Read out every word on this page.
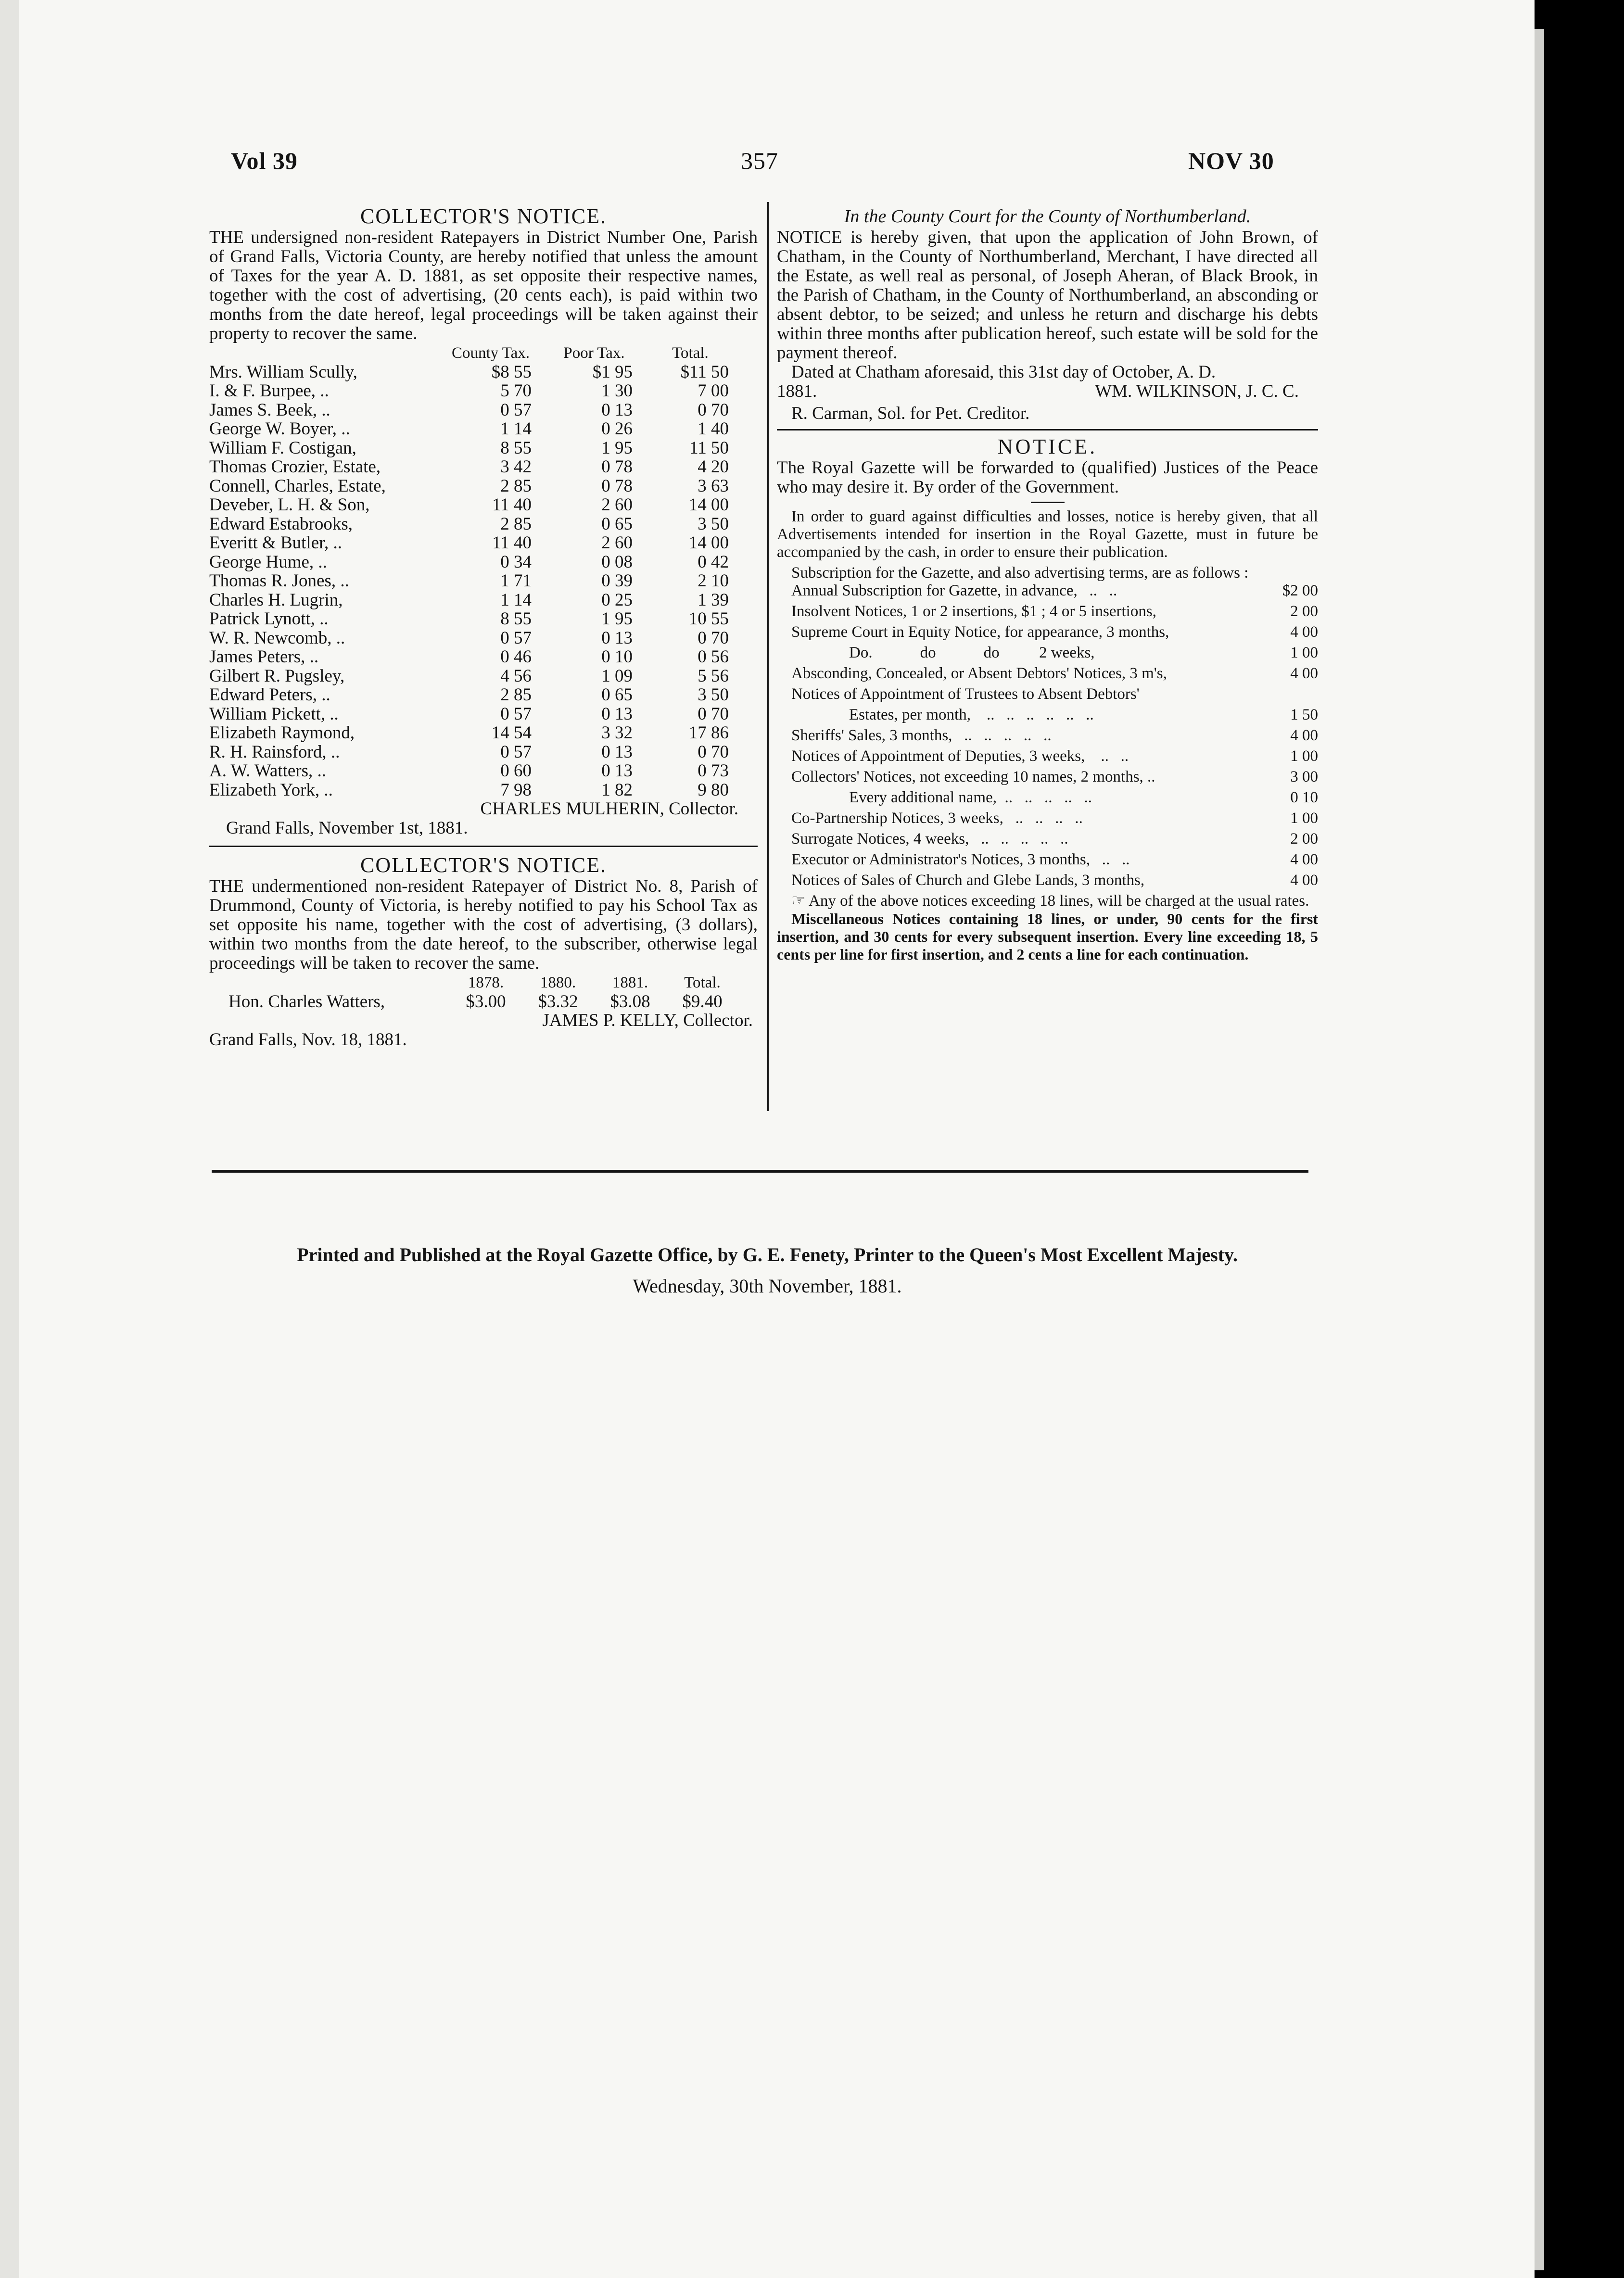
Vol 39	357	NOV 30
COLLECTOR'S NOTICE.
THE undersigned non-resident Ratepayers in District Number One, Parish of Grand Falls, Victoria County, are hereby notified that unless the amount of Taxes for the year A. D. 1881, as set opposite their respective names, together with the cost of advertising, (20 cents each), is paid within two months from the date hereof, legal proceedings will be taken against their property to recover the same.
County Tax.	Poor Tax.	Total.
Mrs. William Scully,	$8 55	$1 95	$11 50
I. & F. Burpee, ..	5 70	1 30	7 00
James S. Beek, ..	0 57	0 13	0 70
George W. Boyer, ..	1 14	0 26	1 40
William F. Costigan,	8 55	1 95	11 50
Thomas Crozier, Estate,	3 42	0 78	4 20
Connell, Charles, Estate,	2 85	0 78	3 63
Deveber, L. H. & Son,	11 40	2 60	14 00
Edward Estabrooks,	2 85	0 65	3 50
Everitt & Butler, ..	11 40	2 60	14 00
George Hume, ..	0 34	0 08	0 42
Thomas R. Jones, ..	1 71	0 39	2 10
Charles H. Lugrin,	1 14	0 25	1 39
Patrick Lynott, ..	8 55	1 95	10 55
W. R. Newcomb, ..	0 57	0 13	0 70
James Peters, ..	0 46	0 10	0 56
Gilbert R. Pugsley,	4 56	1 09	5 56
Edward Peters, ..	2 85	0 65	3 50
William Pickett, ..	0 57	0 13	0 70
Elizabeth Raymond,	14 54	3 32	17 86
R. H. Rainsford, ..	0 57	0 13	0 70
A. W. Watters, ..	0 60	0 13	0 73
Elizabeth York, ..	7 98	1 82	9 80
CHARLES MULHERIN, Collector.
Grand Falls, November 1st, 1881.
COLLECTOR'S NOTICE.
THE undermentioned non-resident Ratepayer of District No. 8, Parish of Drummond, County of Victoria, is hereby notified to pay his School Tax as set opposite his name, together with the cost of advertising, (3 dollars), within two months from the date hereof, to the subscriber, otherwise legal proceedings will be taken to recover the same.
1878.	1880.	1881.	Total.
Hon. Charles Watters,	$3.00	$3.32	$3.08	$9.40
JAMES P. KELLY, Collector.
Grand Falls, Nov. 18, 1881.
In the County Court for the County of Northumberland.
NOTICE is hereby given, that upon the application of John Brown, of Chatham, in the County of Northumberland, Merchant, I have directed all the Estate, as well real as personal, of Joseph Aheran, of Black Brook, in the Parish of Chatham, in the County of Northumberland, an absconding or absent debtor, to be seized; and unless he return and discharge his debts within three months after publication hereof, such estate will be sold for the payment thereof.
Dated at Chatham aforesaid, this 31st day of October, A. D.
1881.	WM. WILKINSON, J. C. C.
R. Carman, Sol. for Pet. Creditor.
NOTICE.
The Royal Gazette will be forwarded to (qualified) Justices of the Peace who may desire it. By order of the Government.
In order to guard against difficulties and losses, notice is hereby given, that all Advertisements intended for insertion in the Royal Gazette, must in future be accompanied by the cash, in order to ensure their publication.
Subscription for the Gazette, and also advertising terms, are as follows :
Annual Subscription for Gazette, in advance,   ..   ..	$2 00
Insolvent Notices, 1 or 2 insertions, $1 ; 4 or 5 insertions,	2 00
Supreme Court in Equity Notice, for appearance, 3 months,	4 00
Do.            do            do          2 weeks,	1 00
Absconding, Concealed, or Absent Debtors' Notices, 3 m's,	4 00
Notices of Appointment of Trustees to Absent Debtors'
Estates, per month,    ..   ..   ..   ..   ..   ..	1 50
Sheriffs' Sales, 3 months,   ..   ..   ..   ..   ..	4 00
Notices of Appointment of Deputies, 3 weeks,    ..   ..	1 00
Collectors' Notices, not exceeding 10 names, 2 months, ..	3 00
Every additional name,  ..   ..   ..   ..   ..	0 10
Co-Partnership Notices, 3 weeks,   ..   ..   ..   ..	1 00
Surrogate Notices, 4 weeks,   ..   ..   ..   ..   ..	2 00
Executor or Administrator's Notices, 3 months,   ..   ..	4 00
Notices of Sales of Church and Glebe Lands, 3 months,	4 00
☞ Any of the above notices exceeding 18 lines, will be charged at the usual rates.
Miscellaneous Notices containing 18 lines, or under, 90 cents for the first insertion, and 30 cents for every subsequent insertion. Every line exceeding 18, 5 cents per line for first insertion, and 2 cents a line for each continuation.
Printed and Published at the Royal Gazette Office, by G. E. Fenety, Printer to the Queen's Most Excellent Majesty.
Wednesday, 30th November, 1881.
